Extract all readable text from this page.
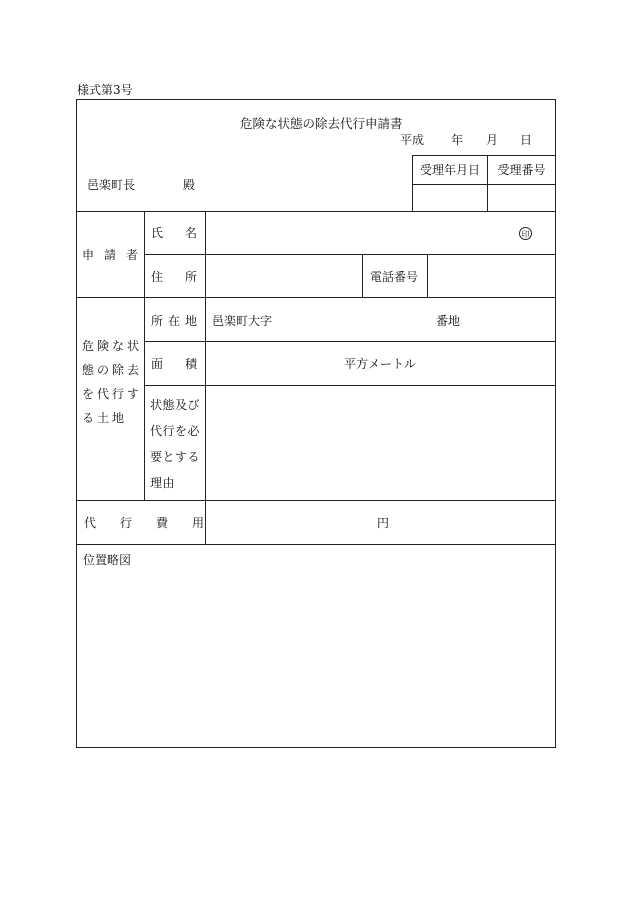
様式第3号
危険な状態の除去代行申請書
平成 年 月 日
邑楽町長	殿
受理年月日	受理番号
申 請 者
氏 名	印
住 所	電話番号
危険な状
態の除去
を代行す
る土地
所 在 地 邑楽町大字	番地
面 積	平方メートル
状態及び
代行を必
要とする
理由
代 行 費 用	円
位置略図
